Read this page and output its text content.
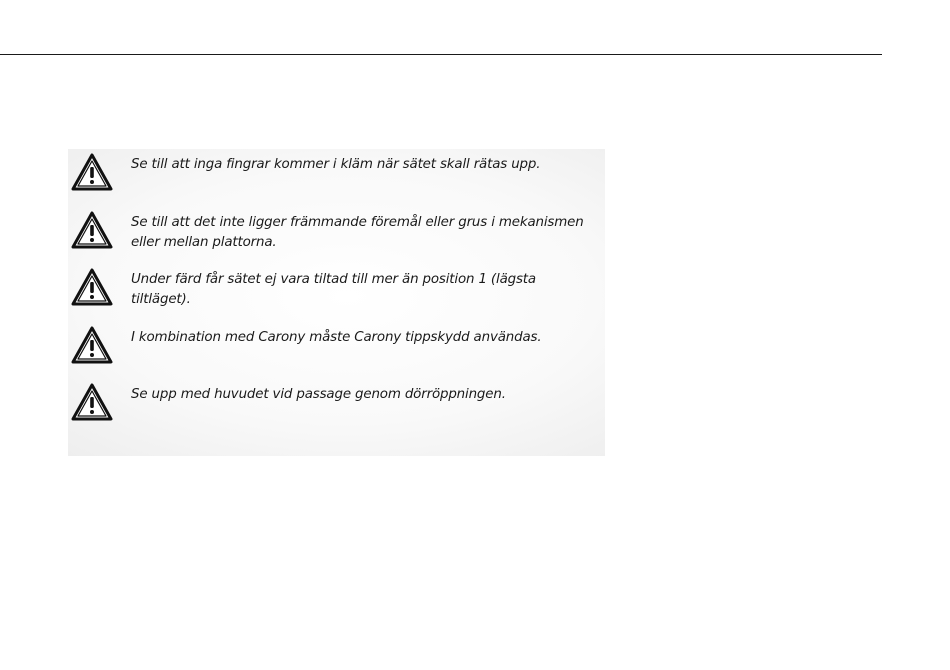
Se till att inga fingrar kommer i kläm när sätet skall rätas upp.
Se till att det inte ligger främmande föremål eller grus i mekanismen eller mellan plattorna.
Under färd får sätet ej vara tiltad till mer än position 1 (lägsta tiltläget).
I kombination med Carony måste Carony tippskydd användas.
Se upp med huvudet vid passage genom dörröppningen.
